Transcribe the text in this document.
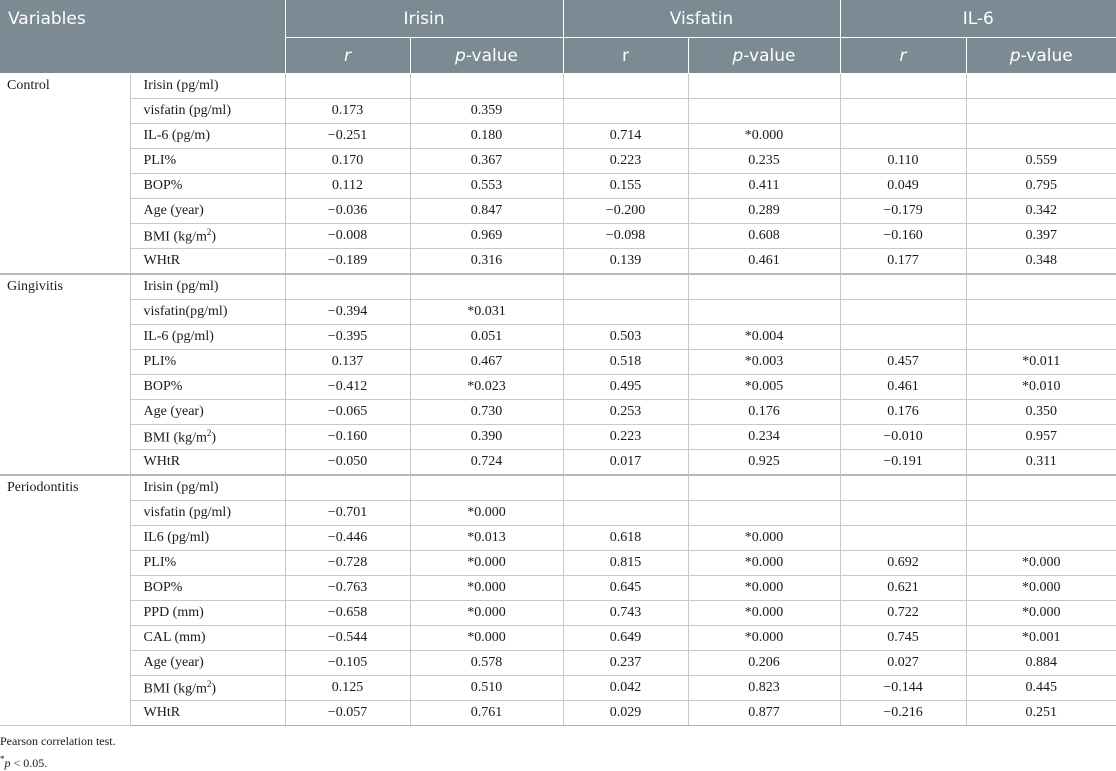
Variables		Irisin		Visfatin		IL-6	
		r	p-value	r	p-value	r	p-value
Control	Irisin (pg/ml)						
	visfatin (pg/ml)	0.173	0.359				
	IL-6 (pg/m)	−0.251	0.180	0.714	*0.000		
	PLI%	0.170	0.367	0.223	0.235	0.110	0.559
	BOP%	0.112	0.553	0.155	0.411	0.049	0.795
	Age (year)	−0.036	0.847	−0.200	0.289	−0.179	0.342
	BMI $(kg/m^2)$	−0.008	0.969	−0.098	0.608	−0.160	0.397
	WHtR	−0.189	0.316	0.139	0.461	0.177	0.348
Gingivitis	Irisin (pg/ml)						
	visfatin(pg/ml)	−0.394	*0.031				
	IL-6 (pg/ml)	−0.395	0.051	0.503	*0.004		
	PLI%	0.137	0.467	0.518	*0.003	0.457	*0.011
	BOP%	−0.412	*0.023	0.495	*0.005	0.461	*0.010
	Age (year)	−0.065	0.730	0.253	0.176	0.176	0.350
	BMI $(kg/m^2)$	−0.160	0.390	0.223	0.234	−0.010	0.957
	WHtR	−0.050	0.724	0.017	0.925	−0.191	0.311
Periodontitis	Irisin (pg/ml)						
	visfatin (pg/ml)	−0.701	*0.000				
	IL6 (pg/ml)	−0.446	*0.013	0.618	*0.000		
	PLI%	−0.728	*0.000	0.815	*0.000	0.692	*0.000
	BOP%	−0.763	*0.000	0.645	*0.000	0.621	*0.000
	PPD (mm)	−0.658	*0.000	0.743	*0.000	0.722	*0.000
	CAL (mm)	−0.544	*0.000	0.649	*0.000	0.745	*0.001
	Age (year)	−0.105	0.578	0.237	0.206	0.027	0.884
	BMI $(kg/m^2)$	0.125	0.510	0.042	0.823	−0.144	0.445
	WHtR	−0.057	0.761	0.029	0.877	−0.216	0.251
Pearson correlation test.
*p < 0.05.
